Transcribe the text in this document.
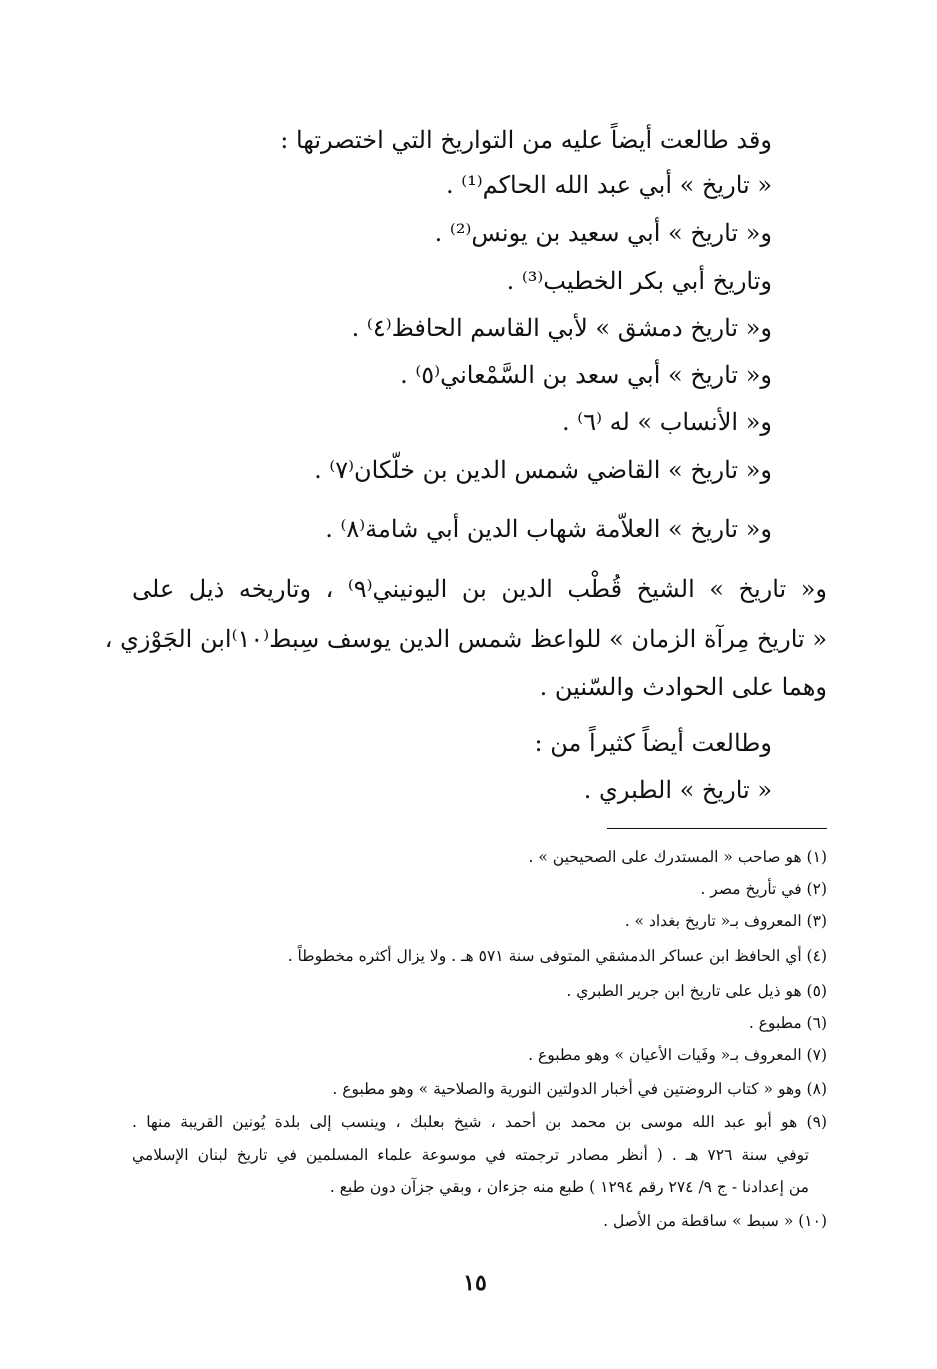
وقد طالعت أيضاً عليه من التواريخ التي اختصرتها :
« تاريخ » أبي عبد الله الحاكم⁽¹⁾ .
و« تاريخ » أبي سعيد بن يونس⁽²⁾ .
وتاريخ أبي بكر الخطيب⁽³⁾ .
و« تاريخ دمشق » لأبي القاسم الحافظ⁽٤⁾ .
و« تاريخ » أبي سعد بن السَّمْعاني⁽٥⁾ .
و« الأنساب » له ⁽٦⁾ .
و« تاريخ » القاضي شمس الدين بن خلّكان⁽٧⁾ .
و« تاريخ » العلاّمة شهاب الدين أبي شامة⁽٨⁾ .
و« تاريخ » الشيخ قُطْب الدين بن اليونيني⁽٩⁾ ، وتاريخه ذيل على
« تاريخ مِرآة الزمان » للواعظ شمس الدين يوسف سِبط⁽١٠⁾ابن الجَوْزي ،
وهما على الحوادث والسّنين .
وطالعت أيضاً كثيراً من :
« تاريخ » الطبري .
(١) هو صاحب « المستدرك على الصحيحين » .
(٢) في تأريخ مصر .
(٣) المعروف بـ« تاريخ بغداد » .
(٤) أي الحافظ ابن عساكر الدمشقي المتوفى سنة ٥٧١ هـ . ولا يزال أكثره مخطوطاً .
(٥) هو ذيل على تاريخ ابن جرير الطبري .
(٦) مطبوع .
(٧) المعروف بـ« وفَيات الأعيان » وهو مطبوع .
(٨) وهو « كتاب الروضتين في أخبار الدولتين النورية والصلاحية » وهو مطبوع .
(٩) هو أبو عبد الله موسى بن محمد بن أحمد ، شيخ بعلبك ، وينسب إلى بلدة يُونين القريبة منها .
توفي سنة ٧٢٦ هـ . ( أنظر مصادر ترجمته في موسوعة علماء المسلمين في تاريخ لبنان الإسلامي
من إعدادنا - ج ٩/ ٢٧٤ رقم ١٢٩٤ ) طبع منه جزءان ، وبقي جزآن دون طبع .
(١٠) « سبط » ساقطة من الأصل .
١٥
